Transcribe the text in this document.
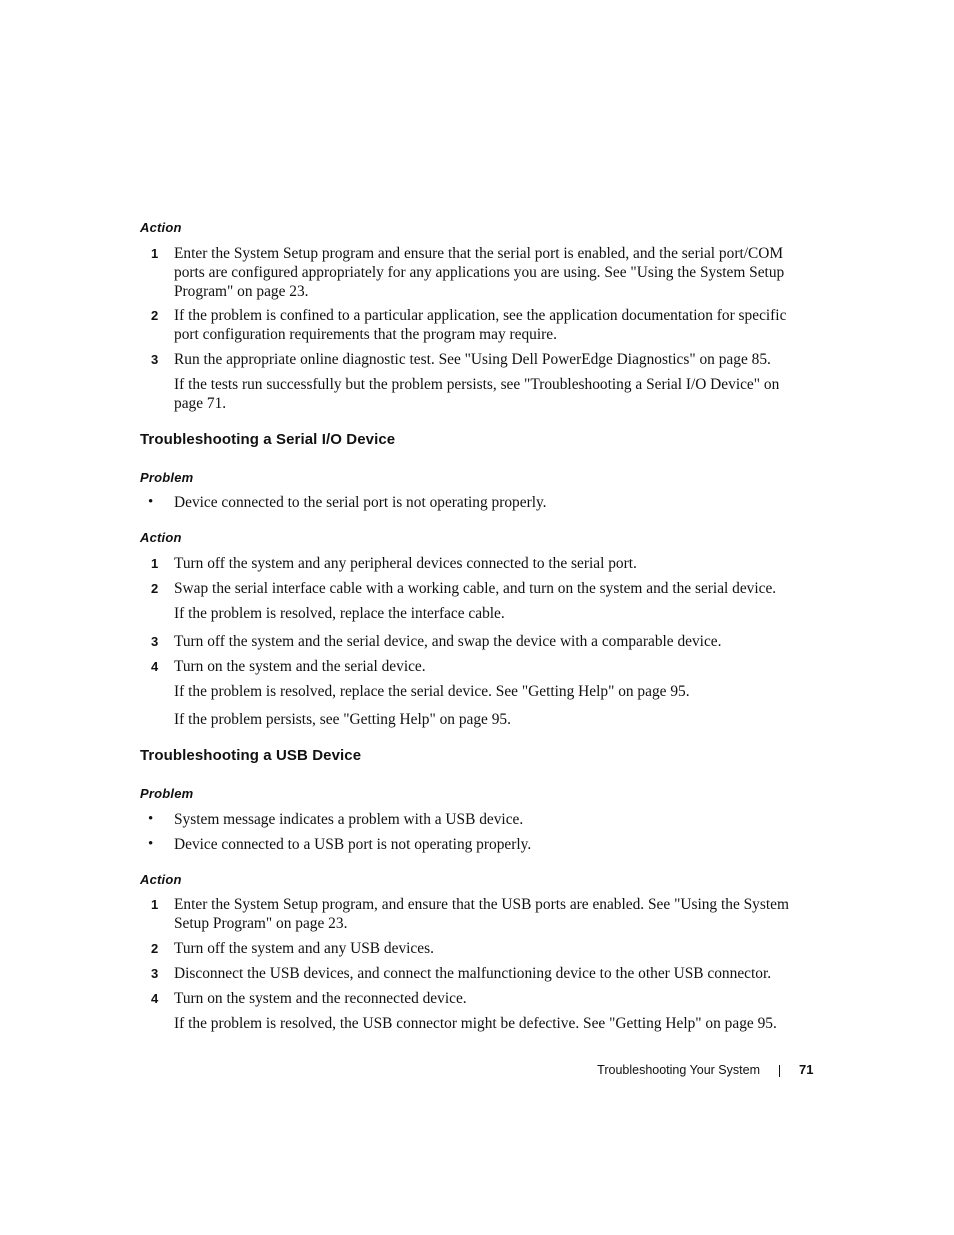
Action
1 Enter the System Setup program and ensure that the serial port is enabled, and the serial port/COM
ports are configured appropriately for any applications you are using. See "Using the System Setup
Program" on page 23.
2 If the problem is confined to a particular application, see the application documentation for specific
port configuration requirements that the program may require.
3 Run the appropriate online diagnostic test. See "Using Dell PowerEdge Diagnostics" on page 85.
If the tests run successfully but the problem persists, see "Troubleshooting a Serial I/O Device" on
page 71.
Troubleshooting a Serial I/O Device
Problem
• Device connected to the serial port is not operating properly.
Action
1 Turn off the system and any peripheral devices connected to the serial port.
2 Swap the serial interface cable with a working cable, and turn on the system and the serial device.
If the problem is resolved, replace the interface cable.
3 Turn off the system and the serial device, and swap the device with a comparable device.
4 Turn on the system and the serial device.
If the problem is resolved, replace the serial device. See "Getting Help" on page 95.
If the problem persists, see "Getting Help" on page 95.
Troubleshooting a USB Device
Problem
• System message indicates a problem with a USB device.
• Device connected to a USB port is not operating properly.
Action
1 Enter the System Setup program, and ensure that the USB ports are enabled. See "Using the System
Setup Program" on page 23.
2 Turn off the system and any USB devices.
3 Disconnect the USB devices, and connect the malfunctioning device to the other USB connector.
4 Turn on the system and the reconnected device.
If the problem is resolved, the USB connector might be defective. See "Getting Help" on page 95.
Troubleshooting Your System	71
